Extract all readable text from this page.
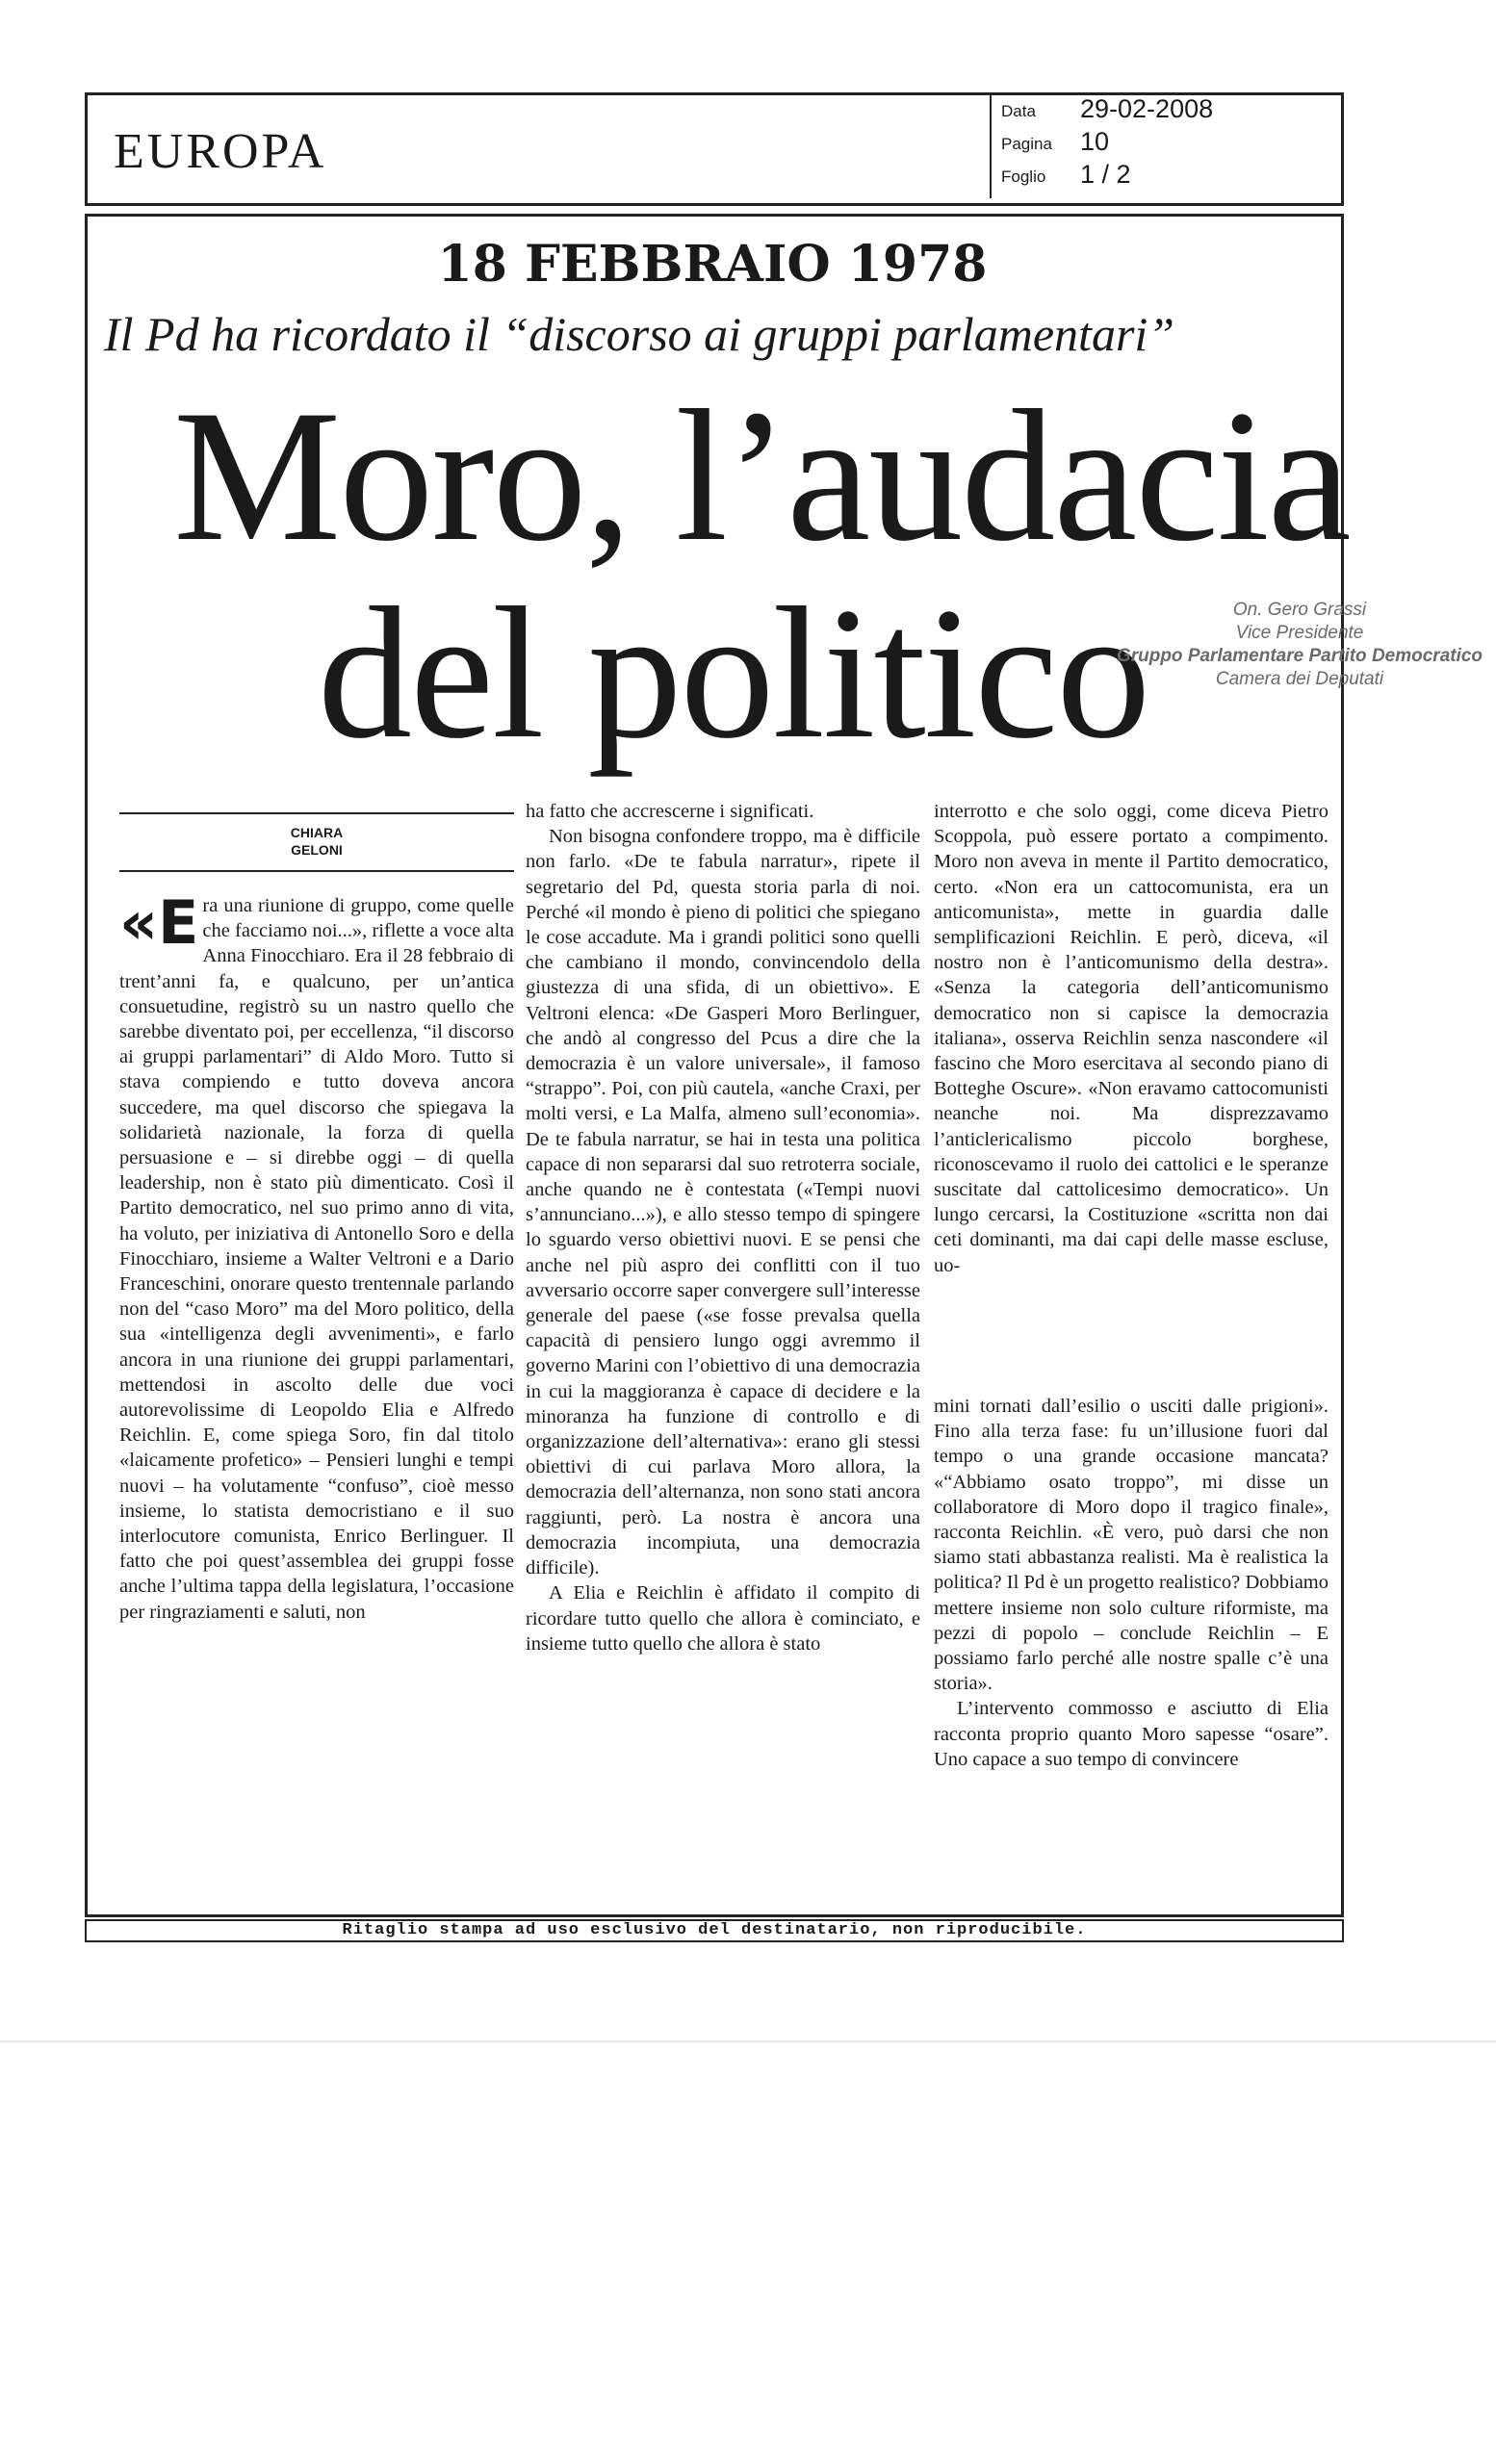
EUROPA
Data 29-02-2008
Pagina 10
Foglio 1 / 2
18 FEBBRAIO 1978
Il Pd ha ricordato il “discorso ai gruppi parlamentari”
Moro, l’audacia
del politico	On. Gero Grassi
Vice Presidente
Gruppo Parlamentare Partito Democratico
Camera dei Deputati
CHIARA
GELONI
«E ra una riunione di gruppo, come quelle che facciamo noi...», riflette a voce alta Anna Finocchiaro. Era il 28 febbraio di trent’anni fa, e qualcuno, per un’antica consuetudine, registrò su un nastro quello che sarebbe diventato poi, per eccellenza, “il discorso ai gruppi parlamentari” di Aldo Moro. Tutto si stava compiendo e tutto doveva ancora succedere, ma quel discorso che spiegava la solidarietà nazionale, la forza di quella persuasione e – si direbbe oggi – di quella leadership, non è stato più dimenticato. Così il Partito democratico, nel suo primo anno di vita, ha voluto, per iniziativa di Antonello Soro e della Finocchiaro, insieme a Walter Veltroni e a Dario Franceschini, onorare questo trentennale parlando non del “caso Moro” ma del Moro politico, della sua «intelligenza degli avvenimenti», e farlo ancora in una riunione dei gruppi parlamentari, mettendosi in ascolto delle due voci autorevolissime di Leopoldo Elia e Alfredo Reichlin. E, come spiega Soro, fin dal titolo «laicamente profetico» – Pensieri lunghi e tempi nuovi – ha volutamente “confuso”, cioè messo insieme, lo statista democristiano e il suo interlocutore comunista, Enrico Berlinguer. Il fatto che poi quest’assemblea dei gruppi fosse anche l’ultima tappa della legislatura, l’occasione per ringraziamenti e saluti, non

ha fatto che accrescerne i significati.

Non bisogna confondere troppo, ma è difficile non farlo. «De te fabula narratur», ripete il segretario del Pd, questa storia parla di noi. Perché «il mondo è pieno di politici che spiegano le cose accadute. Ma i grandi politici sono quelli che cambiano il mondo, convincendolo della giustezza di una sfida, di un obiettivo». E Veltroni elenca: «De Gasperi Moro Berlinguer, che andò al congresso del Pcus a dire che la democrazia è un valore universale», il famoso “strappo”. Poi, con più cautela, «anche Craxi, per molti versi, e La Malfa, almeno sull’economia». De te fabula narratur, se hai in testa una politica capace di non separarsi dal suo retroterra sociale, anche quando ne è contestata («Tempi nuovi s’annunciano...»), e allo stesso tempo di spingere lo sguardo verso obiettivi nuovi. E se pensi che anche nel più aspro dei conflitti con il tuo avversario occorre saper convergere sull’interesse generale del paese («se fosse prevalsa quella capacità di pensiero lungo oggi avremmo il governo Marini con l’obiettivo di una democrazia in cui la maggioranza è capace di decidere e la minoranza ha funzione di controllo e di organizzazione dell’alternativa»: erano gli stessi obiettivi di cui parlava Moro allora, la democrazia dell’alternanza, non sono stati ancora raggiunti, però. La nostra è ancora una democrazia incompiuta, una democrazia difficile).

A Elia e Reichlin è affidato il compito di ricordare tutto quello che allora è cominciato, e insieme tutto quello che allora è stato

interrotto e che solo oggi, come diceva Pietro Scoppola, può essere portato a compimento. Moro non aveva in mente il Partito democratico, certo. «Non era un cattocomunista, era un anticomunista», mette in guardia dalle semplificazioni Reichlin. E però, diceva, «il nostro non è l’anticomunismo della destra». «Senza la categoria dell’anticomunismo democratico non si capisce la democrazia italiana», osserva Reichlin senza nascondere «il fascino che Moro esercitava al secondo piano di Botteghe Oscure». «Non eravamo cattocomunisti neanche noi. Ma disprezzavamo l’anticlericalismo piccolo borghese, riconoscevamo il ruolo dei cattolici e le speranze suscitate dal cattolicesimo democratico». Un lungo cercarsi, la Costituzione «scritta non dai ceti dominanti, ma dai capi delle masse escluse, uo-

mini tornati dall’esilio o usciti dalle prigioni». Fino alla terza fase: fu un’illusione fuori dal tempo o una grande occasione mancata? «“Abbiamo osato troppo”, mi disse un collaboratore di Moro dopo il tragico finale», racconta Reichlin. «È vero, può darsi che non siamo stati abbastanza realisti. Ma è realistica la politica? Il Pd è un progetto realistico? Dobbiamo mettere insieme non solo culture riformiste, ma pezzi di popolo – conclude Reichlin – E possiamo farlo perché alle nostre spalle c’è una storia».

L’intervento commosso e asciutto di Elia racconta proprio quanto Moro sapesse “osare”. Uno capace a suo tempo di convincere

Ritaglio stampa ad uso esclusivo del destinatario, non riproducibile.
